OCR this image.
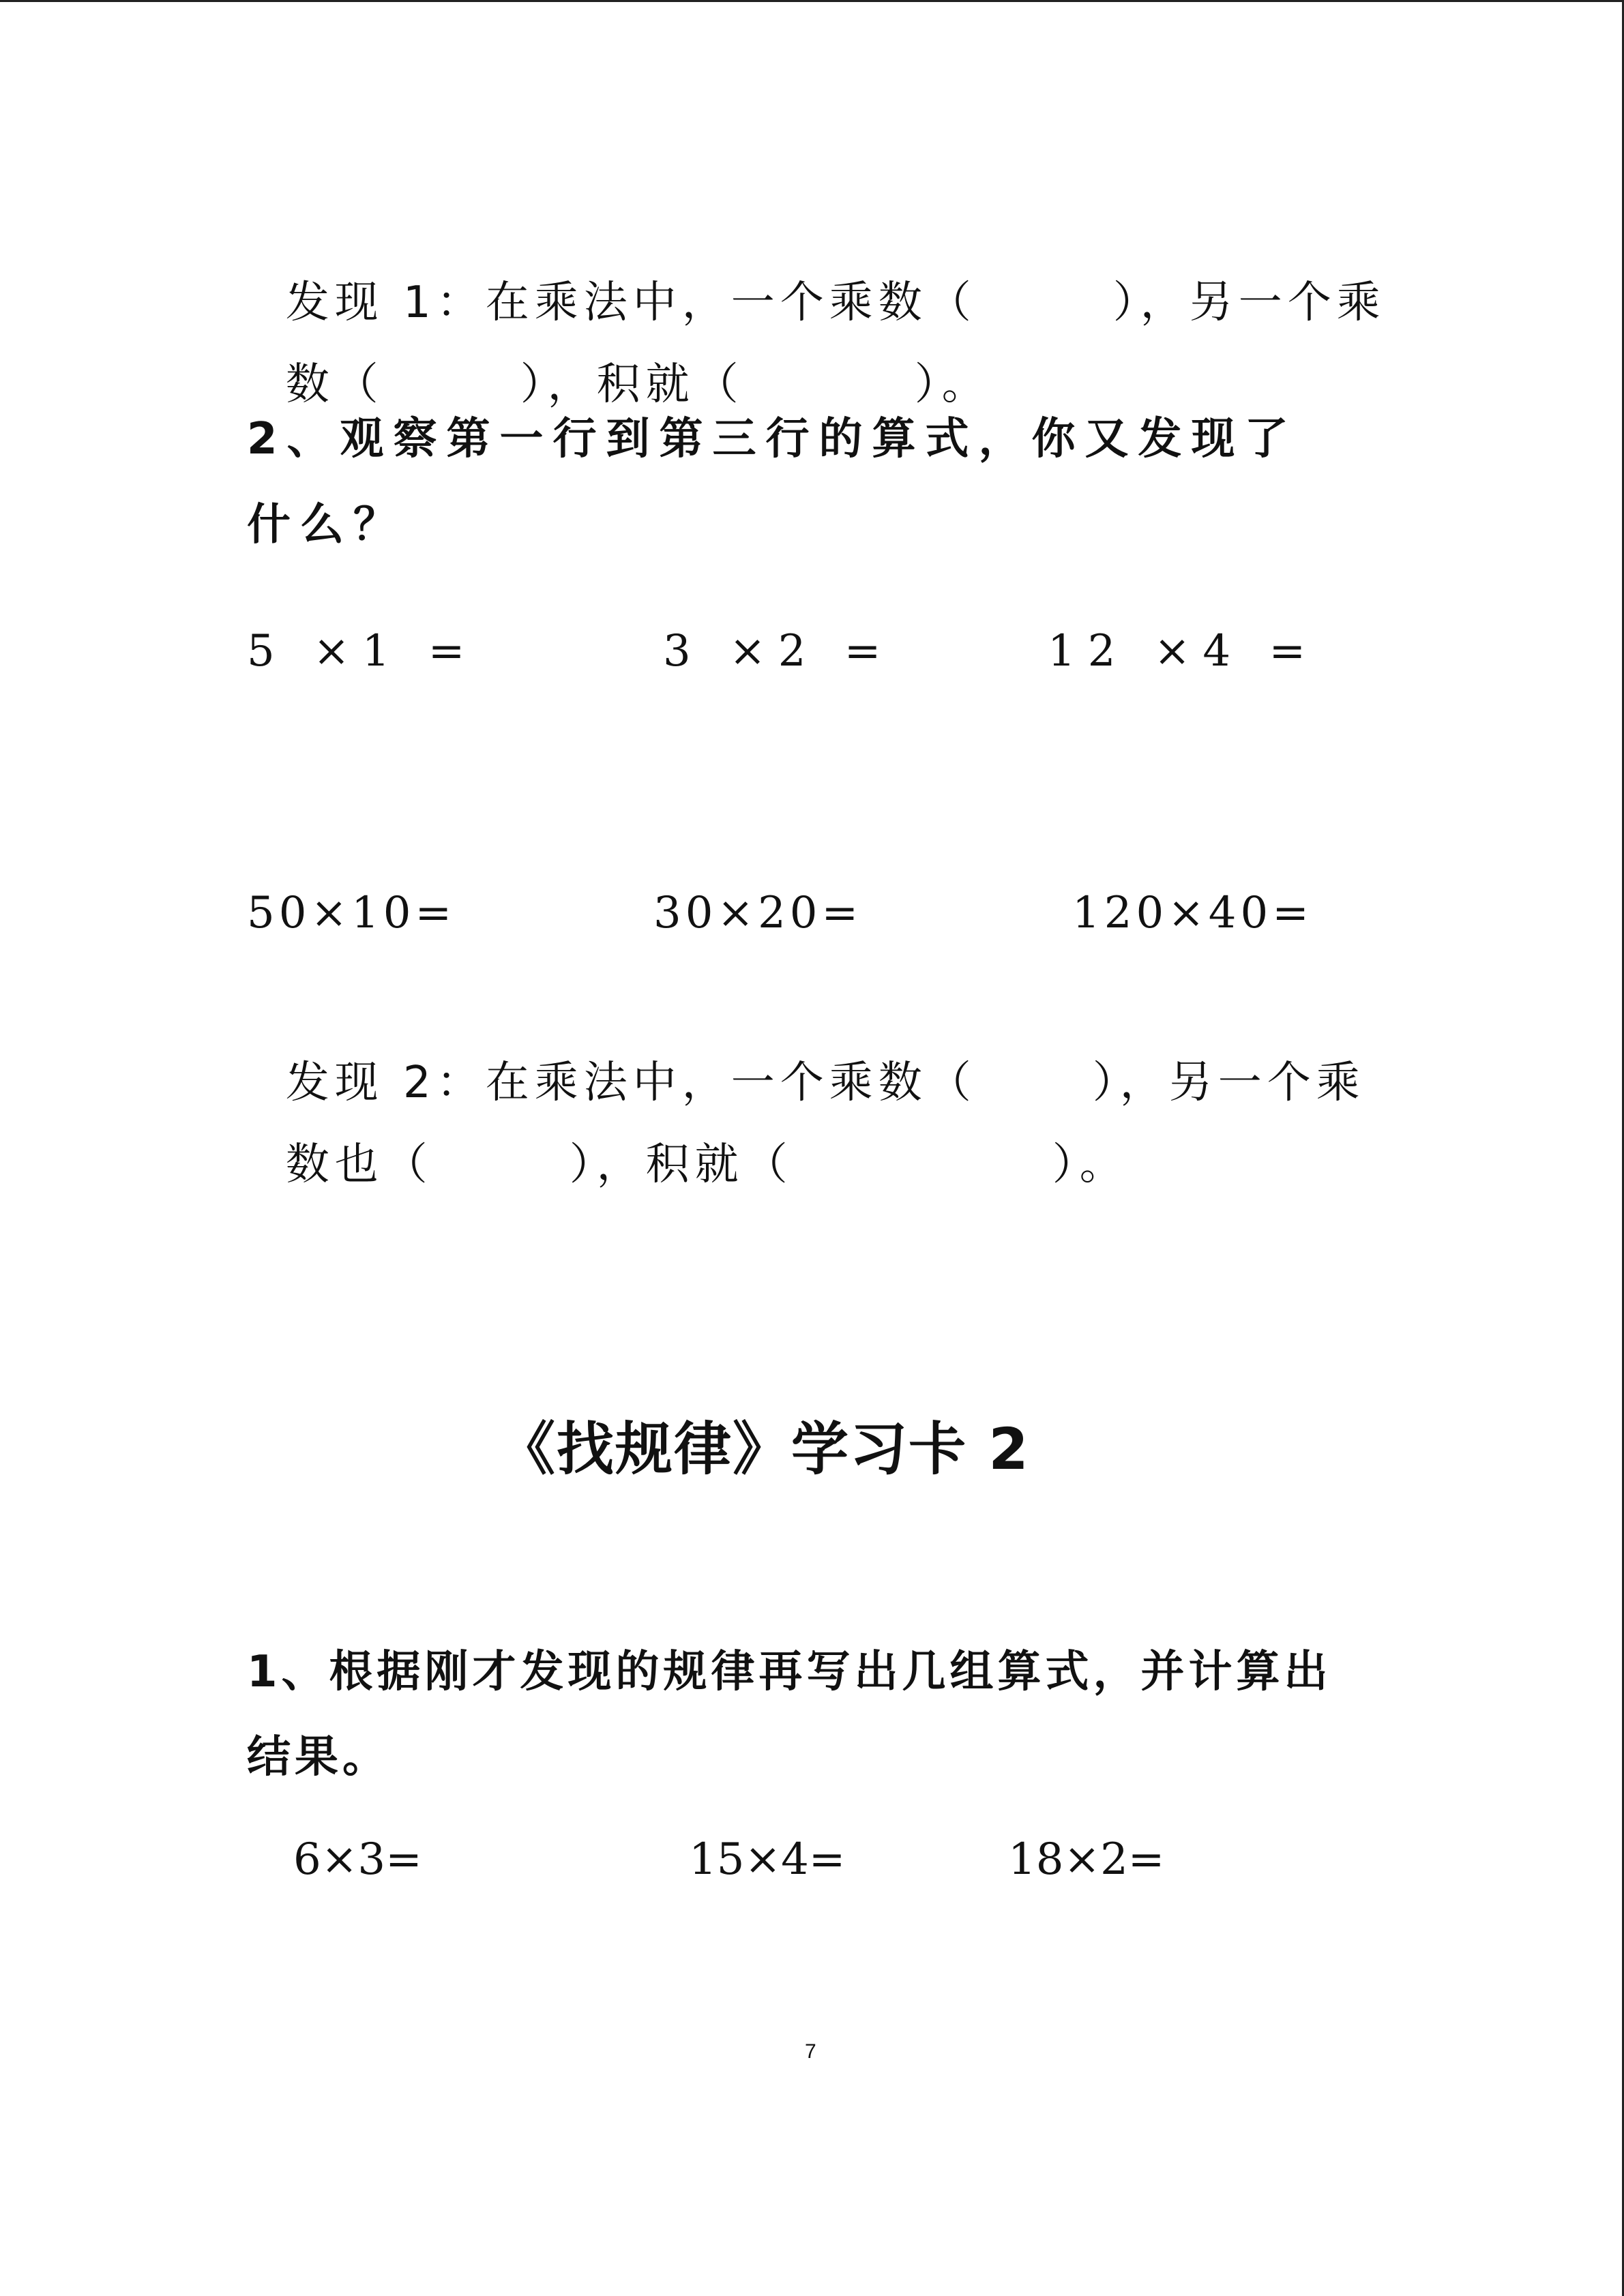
发现 1：在乘法中，一个乘数（	），另一个乘

数（	），积就（	）。

2、观察第一行到第三行的算式，你又发现了
什么？
5 ×1 =	3 ×2 =	12 ×4 =
50×10=	30×20=	120×40=

发现 2：在乘法中，一个乘数（	），另一个乘

数也（	），积就（	）。

《找规律》学习卡 2
1、根据刚才发现的规律再写出几组算式，并计算出
结果。
6×3=	15×4=	18×2=
7
